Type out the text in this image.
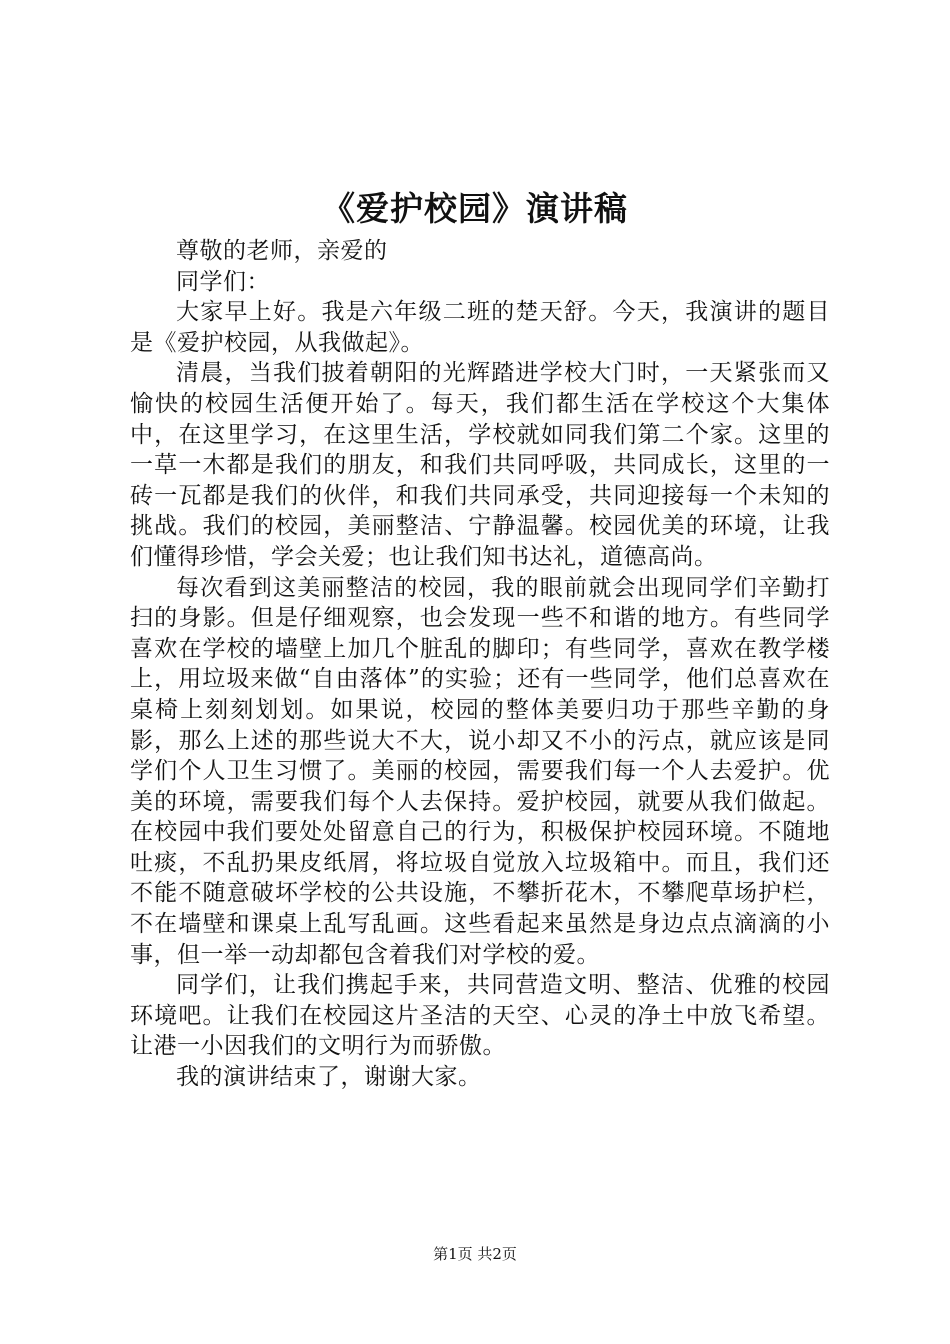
《爱护校园》演讲稿

尊敬的老师，亲爱的

同学们：

大家早上好。我是六年级二班的楚天舒。今天，我演讲的题目是《爱护校园，从我做起》。

清晨，当我们披着朝阳的光辉踏进学校大门时，一天紧张而又愉快的校园生活便开始了。每天，我们都生活在学校这个大集体中，在这里学习，在这里生活，学校就如同我们第二个家。这里的一草一木都是我们的朋友，和我们共同呼吸，共同成长，这里的一砖一瓦都是我们的伙伴，和我们共同承受，共同迎接每一个未知的挑战。我们的校园，美丽整洁、宁静温馨。校园优美的环境，让我们懂得珍惜，学会关爱；也让我们知书达礼，道德高尚。

每次看到这美丽整洁的校园，我的眼前就会出现同学们辛勤打扫的身影。但是仔细观察，也会发现一些不和谐的地方。有些同学喜欢在学校的墙壁上加几个脏乱的脚印；有些同学，喜欢在教学楼上，用垃圾来做“自由落体”的实验；还有一些同学，他们总喜欢在桌椅上刻刻划划。如果说，校园的整体美要归功于那些辛勤的身影，那么上述的那些说大不大，说小却又不小的污点，就应该是同学们个人卫生习惯了。美丽的校园，需要我们每一个人去爱护。优美的环境，需要我们每个人去保持。爱护校园，就要从我们做起。在校园中我们要处处留意自己的行为，积极保护校园环境。不随地吐痰，不乱扔果皮纸屑，将垃圾自觉放入垃圾箱中。而且，我们还不能不随意破坏学校的公共设施，不攀折花木，不攀爬草场护栏，不在墙壁和课桌上乱写乱画。这些看起来虽然是身边点点滴滴的小事，但一举一动却都包含着我们对学校的爱。

同学们，让我们携起手来，共同营造文明、整洁、优雅的校园环境吧。让我们在校园这片圣洁的天空、心灵的净土中放飞希望。让港一小因我们的文明行为而骄傲。

我的演讲结束了，谢谢大家。

第1页 共2页
